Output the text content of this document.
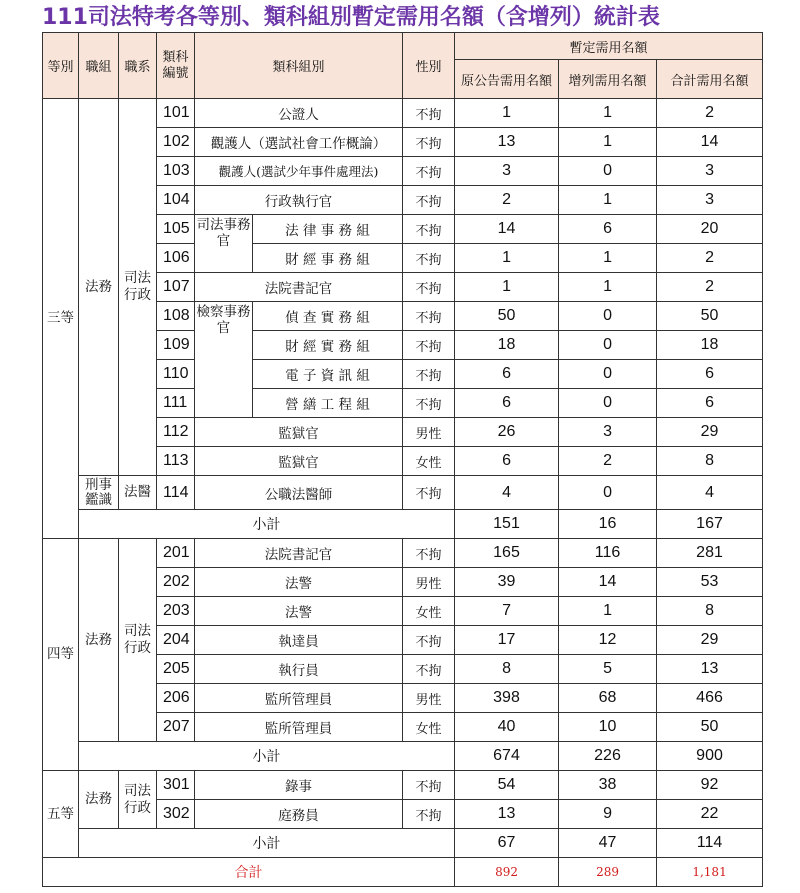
111司法特考各等別、類科組別暫定需用名額（含增列）統計表
等別	職組	職系	類科編號	類科組別		性別	暫定需用名額		
							原公告需用名額	增列需用名額	合計需用名額
三等	法務	司法行政	101	公證人		不拘	1	1	2
			102	觀護人（選試社會工作概論）		不拘	13	1	14
			103	觀護人(選試少年事件處理法)		不拘	3	0	3
			104	行政執行官		不拘	2	1	3
			105	司法事務官	法 律 事 務 組	不拘	14	6	20
			106		財 經 事 務 組	不拘	1	1	2
			107	法院書記官		不拘	1	1	2
			108	檢察事務官	偵 查 實 務 組	不拘	50	0	50
			109		財 經 實 務 組	不拘	18	0	18
			110		電 子 資 訊 組	不拘	6	0	6
			111		營 繕 工 程 組	不拘	6	0	6
			112	監獄官		男性	26	3	29
			113	監獄官		女性	6	2	8
	刑事鑑識	法醫	114	公職法醫師		不拘	4	0	4
	小計						151	16	167
四等	法務	司法行政	201	法院書記官		不拘	165	116	281
			202	法警		男性	39	14	53
			203	法警		女性	7	1	8
			204	執達員		不拘	17	12	29
			205	執行員		不拘	8	5	13
			206	監所管理員		男性	398	68	466
			207	監所管理員		女性	40	10	50
	小計						674	226	900
五等	法務	司法行政	301	錄事		不拘	54	38	92
			302	庭務員		不拘	13	9	22
	小計						67	47	114
合計							892	289	1,181
